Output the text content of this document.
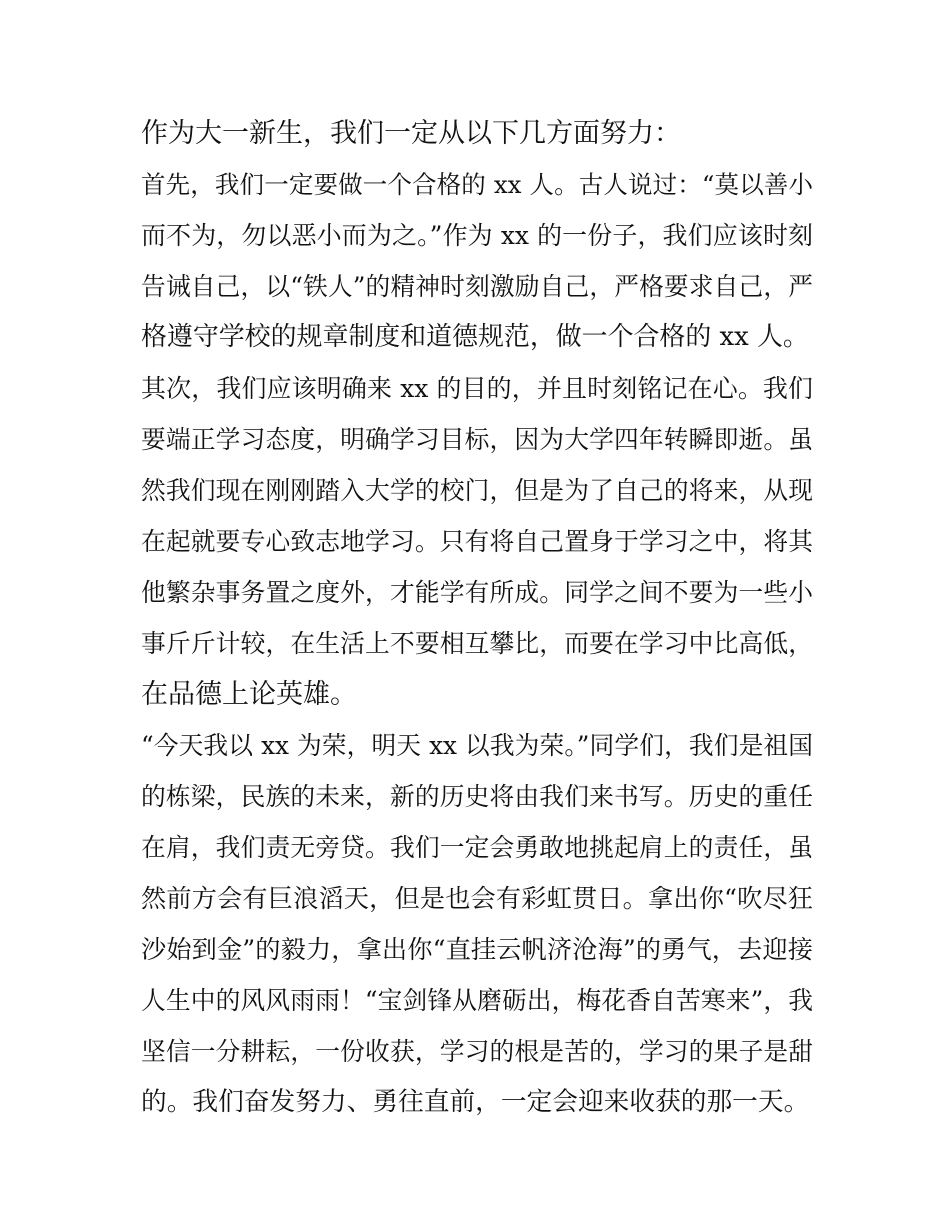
作为大一新生，我们一定从以下几方面努力：
首先，我们一定要做一个合格的 xx 人。古人说过：“莫以善小
而不为，勿以恶小而为之。”作为 xx 的一份子，我们应该时刻
告诫自己，以“铁人”的精神时刻激励自己，严格要求自己，严
格遵守学校的规章制度和道德规范，做一个合格的 xx 人。
其次，我们应该明确来 xx 的目的，并且时刻铭记在心。我们
要端正学习态度，明确学习目标，因为大学四年转瞬即逝。虽
然我们现在刚刚踏入大学的校门，但是为了自己的将来，从现
在起就要专心致志地学习。只有将自己置身于学习之中，将其
他繁杂事务置之度外，才能学有所成。同学之间不要为一些小
事斤斤计较，在生活上不要相互攀比，而要在学习中比高低，
在品德上论英雄。
“今天我以 xx 为荣，明天 xx 以我为荣。”同学们，我们是祖国
的栋梁，民族的未来，新的历史将由我们来书写。历史的重任
在肩，我们责无旁贷。我们一定会勇敢地挑起肩上的责任，虽
然前方会有巨浪滔天，但是也会有彩虹贯日。拿出你“吹尽狂
沙始到金”的毅力，拿出你“直挂云帆济沧海”的勇气，去迎接
人生中的风风雨雨！“宝剑锋从磨砺出，梅花香自苦寒来”，我
坚信一分耕耘，一份收获，学习的根是苦的，学习的果子是甜
的。我们奋发努力、勇往直前，一定会迎来收获的那一天。
